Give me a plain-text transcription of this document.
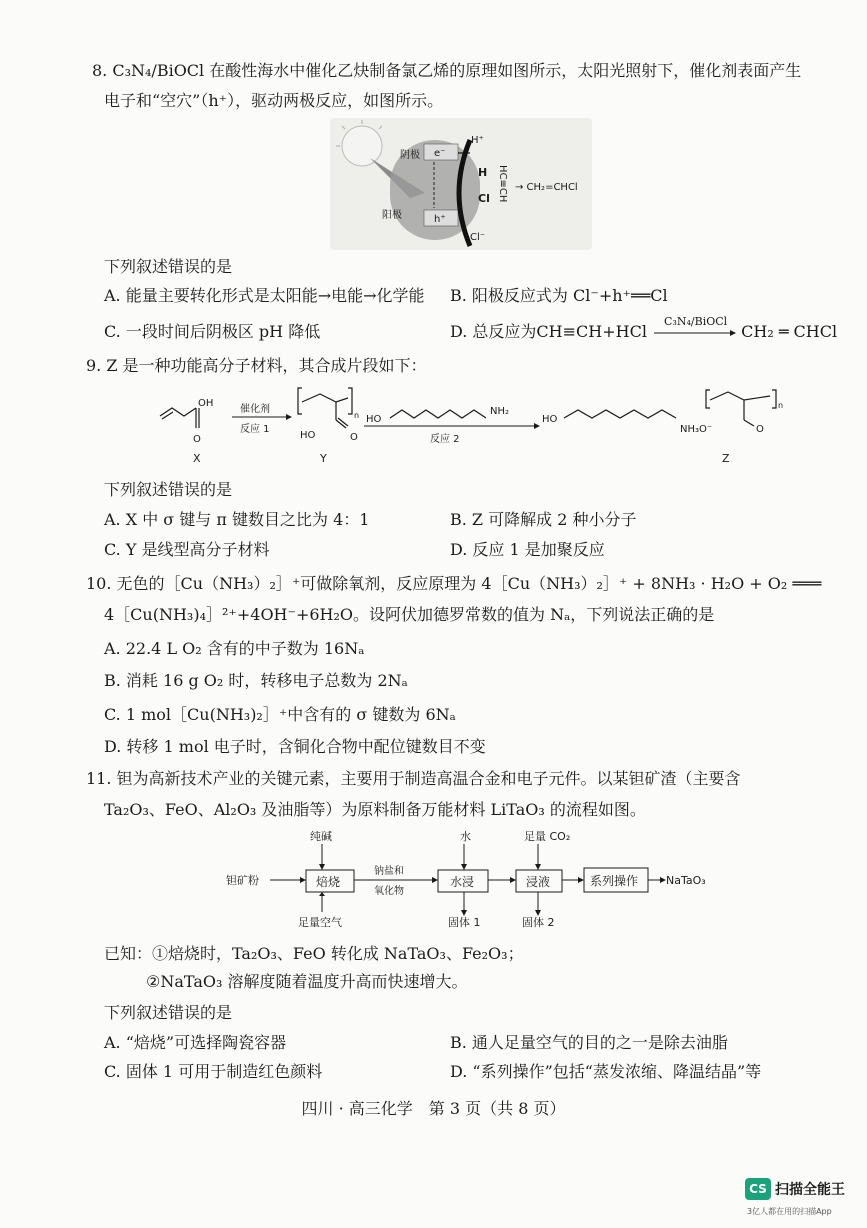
8. C₃N₄/BiOCl 在酸性海水中催化乙炔制备氯乙烯的原理如图所示，太阳光照射下，催化剂表面产生
电子和“空穴”（h⁺），驱动两极反应，如图所示。
阴极
阳极
e⁻
h⁺
H⁺
H
Cl
Cl⁻
HC≡CH → CH₂=CHCl
下列叙述错误的是
A. 能量主要转化形式是太阳能→电能→化学能 B. 阳极反应式为 Cl⁻+h⁺══Cl
C. 一段时间后阴极区 pH 降低	D. 总反应为CH≡CH+HCl
C₃N₄/BiOCl
CH₂ ═ CHCl
9. Z 是一种功能高分子材料，其合成片段如下：
OH
O
X
催化剂
反应 1
n
HO	O
Y
HO
NH₂
反应 2
HO
NH₃O⁻
n
O
Z
下列叙述错误的是
A. X 中 σ 键与 π 键数目之比为 4：1	B. Z 可降解成 2 种小分子
C. Y 是线型高分子材料	D. 反应 1 是加聚反应
10. 无色的［Cu（NH₃）₂］⁺可做除氧剂，反应原理为 4［Cu（NH₃）₂］⁺ + 8NH₃ · H₂O + O₂ ═══
4［Cu(NH₃)₄］²⁺+4OH⁻+6H₂O。设阿伏加德罗常数的值为 Nₐ，下列说法正确的是
A. 22.4 L O₂ 含有的中子数为 16Nₐ
B. 消耗 16 g O₂ 时，转移电子总数为 2Nₐ
C. 1 mol［Cu(NH₃)₂］⁺中含有的 σ 键数为 6Nₐ
D. 转移 1 mol 电子时，含铜化合物中配位键数目不变
11. 钽为高新技术产业的关键元素，主要用于制造高温合金和电子元件。以某钽矿渣（主要含
Ta₂O₃、FeO、Al₂O₃ 及油脂等）为原料制备万能材料 LiTaO₃ 的流程如图。
钽矿粉
纯碱
焙烧
足量空气
钠盐和
氧化物
水
水浸
固体 1
足量 CO₂
浸液
固体 2
系列操作	NaTaO₃
已知：①焙烧时，Ta₂O₃、FeO 转化成 NaTaO₃、Fe₂O₃；
②NaTaO₃ 溶解度随着温度升高而快速增大。
下列叙述错误的是
A. “焙烧”可选择陶瓷容器	B. 通人足量空气的目的之一是除去油脂
C. 固体 1 可用于制造红色颜料	D. “系列操作”包括“蒸发浓缩、降温结晶”等
四川 · 高三化学　第 3 页（共 8 页）
CS 扫描全能王
3亿人都在用的扫描App
